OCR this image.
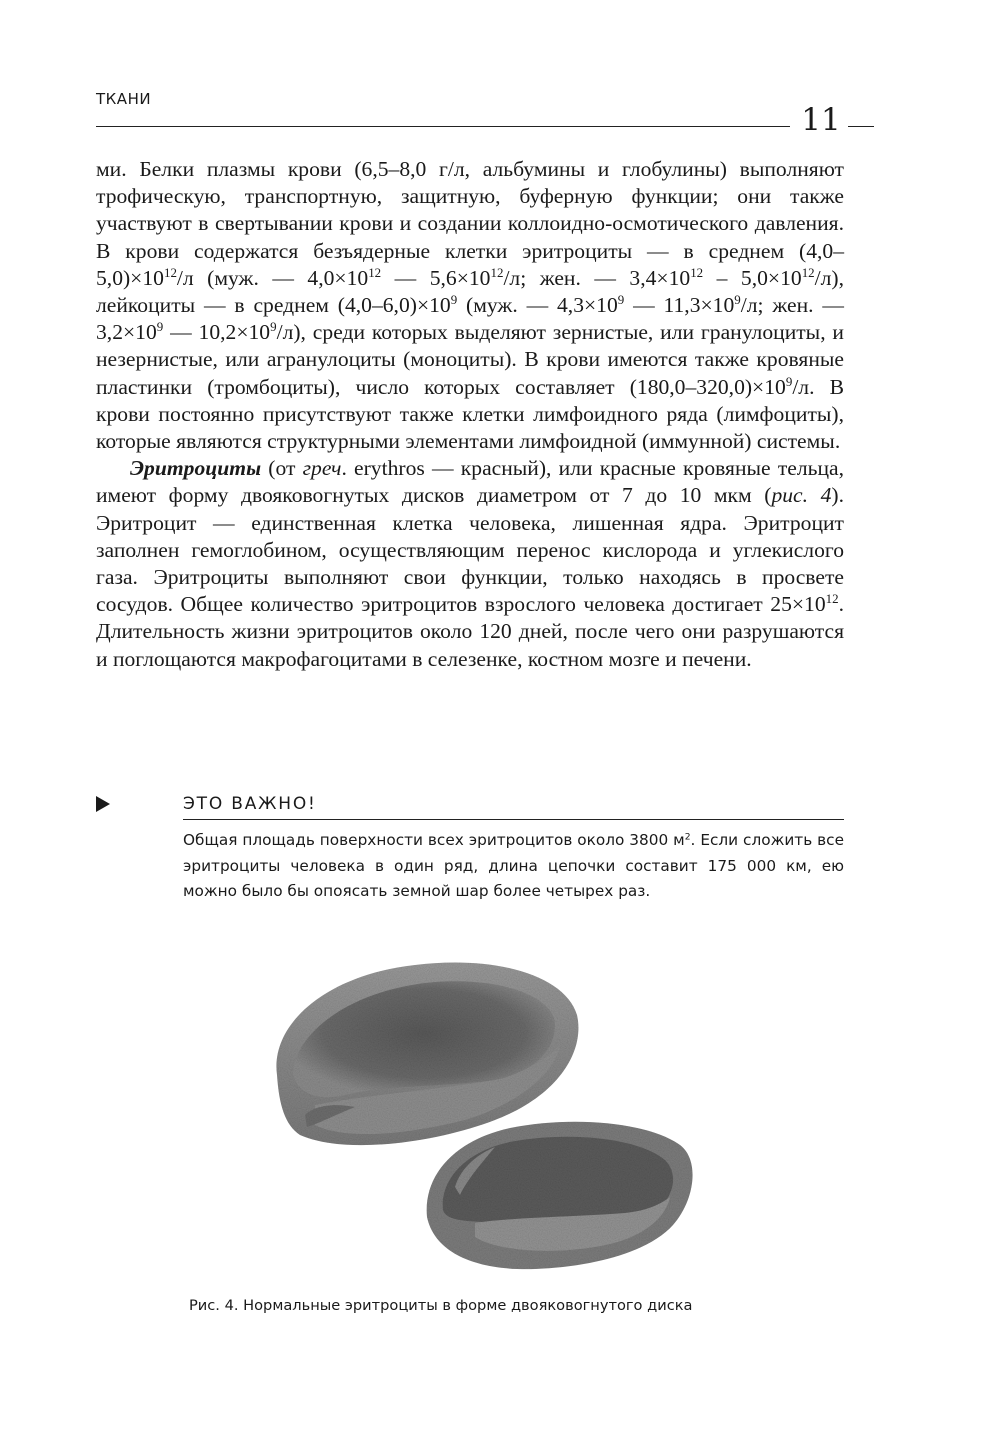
ТКАНИ
11

ми. Белки плазмы крови (6,5–8,0 г/л, альбумины и глобулины) выполняют трофическую, транспортную, защитную, буферную функции; они также участвуют в свертывании крови и создании коллоидно-осмотического давления. В крови содержатся безъядерные клетки эритроциты — в среднем $(4,0-5,0)\times 10^{12}/л$ (муж. — $4,0\times 10^{12}$ — $5,6\times 10^{12}/л$; жен. — $3,4\times 10^{12} - 5,0\times 10^{12}/л$), лейкоциты — в среднем $(4,0-6,0)\times 10^9$ (муж. — $4,3\times 10^9$ — $11,3\times 10^9/л$; жен. — $3,2\times 10^9$ — $10,2\times 10^9/л$), среди которых выделяют зернистые, или гранулоциты, и незернистые, или агранулоциты (моноциты). В крови имеются также кровяные пластинки (тромбоциты), число которых составляет $(180,0-320,0)\times 10^9/л$. В крови постоянно присутствуют также клетки лимфоидного ряда (лимфоциты), которые являются структурными элементами лимфоидной (иммунной) системы.

Эритроциты (от греч. erythros — красный), или красные кровяные тельца, имеют форму двояковогнутых дисков диаметром от 7 до 10 мкм (рис. 4). Эритроцит — единственная клетка человека, лишенная ядра. Эритроцит заполнен гемоглобином, осуществляющим перенос кислорода и углекислого газа. Эритроциты выполняют свои функции, только находясь в просвете сосудов. Общее количество эритроцитов взрослого человека достигает $25\times 10^{12}$. Длительность жизни эритроцитов около 120 дней, после чего они разрушаются и поглощаются макрофагоцитами в селезенке, костном мозге и печени.

ЭТО ВАЖНО!

Общая площадь поверхности всех эритроцитов около 3800 $м^2$. Если сложить все эритроциты человека в один ряд, длина цепочки составит 175 000 км, ею можно было бы опоясать земной шар более четырех раз.

Рис. 4. Нормальные эритроциты в форме двояковогнутого диска
